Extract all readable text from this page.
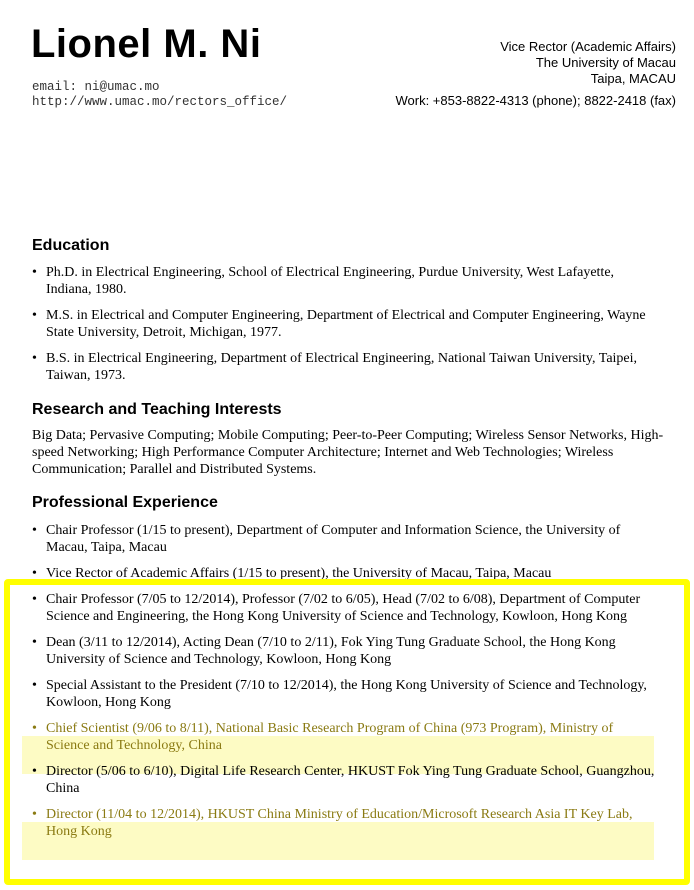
Lionel M. Ni
email: ni@umac.mo
http://www.umac.mo/rectors_office/
Vice Rector (Academic Affairs)
The University of Macau
Taipa, MACAU
Work: +853-8822-4313 (phone); 8822-2418 (fax)
Education
• Ph.D. in Electrical Engineering, School of Electrical Engineering, Purdue University, West Lafayette, Indiana, 1980.
• M.S. in Electrical and Computer Engineering, Department of Electrical and Computer Engineering, Wayne State University, Detroit, Michigan, 1977.
• B.S. in Electrical Engineering, Department of Electrical Engineering, National Taiwan University, Taipei, Taiwan, 1973.
Research and Teaching Interests

Big Data; Pervasive Computing; Mobile Computing; Peer-to-Peer Computing; Wireless Sensor Networks, High-speed Networking; High Performance Computer Architecture; Internet and Web Technologies; Wireless Communication; Parallel and Distributed Systems.

Professional Experience
• Chair Professor (1/15 to present), Department of Computer and Information Science, the University of Macau, Taipa, Macau
• Vice Rector of Academic Affairs (1/15 to present), the University of Macau, Taipa, Macau
• Chair Professor (7/05 to 12/2014), Professor (7/02 to 6/05), Head (7/02 to 6/08), Department of Computer Science and Engineering, the Hong Kong University of Science and Technology, Kowloon, Hong Kong
• Dean (3/11 to 12/2014), Acting Dean (7/10 to 2/11), Fok Ying Tung Graduate School, the Hong Kong University of Science and Technology, Kowloon, Hong Kong
• Special Assistant to the President (7/10 to 12/2014), the Hong Kong University of Science and Technology, Kowloon, Hong Kong
• Chief Scientist (9/06 to 8/11), National Basic Research Program of China (973 Program), Ministry of Science and Technology, China
• Director (5/06 to 6/10), Digital Life Research Center, HKUST Fok Ying Tung Graduate School, Guangzhou, China
• Director (11/04 to 12/2014), HKUST China Ministry of Education/Microsoft Research Asia IT Key Lab, Hong Kong
